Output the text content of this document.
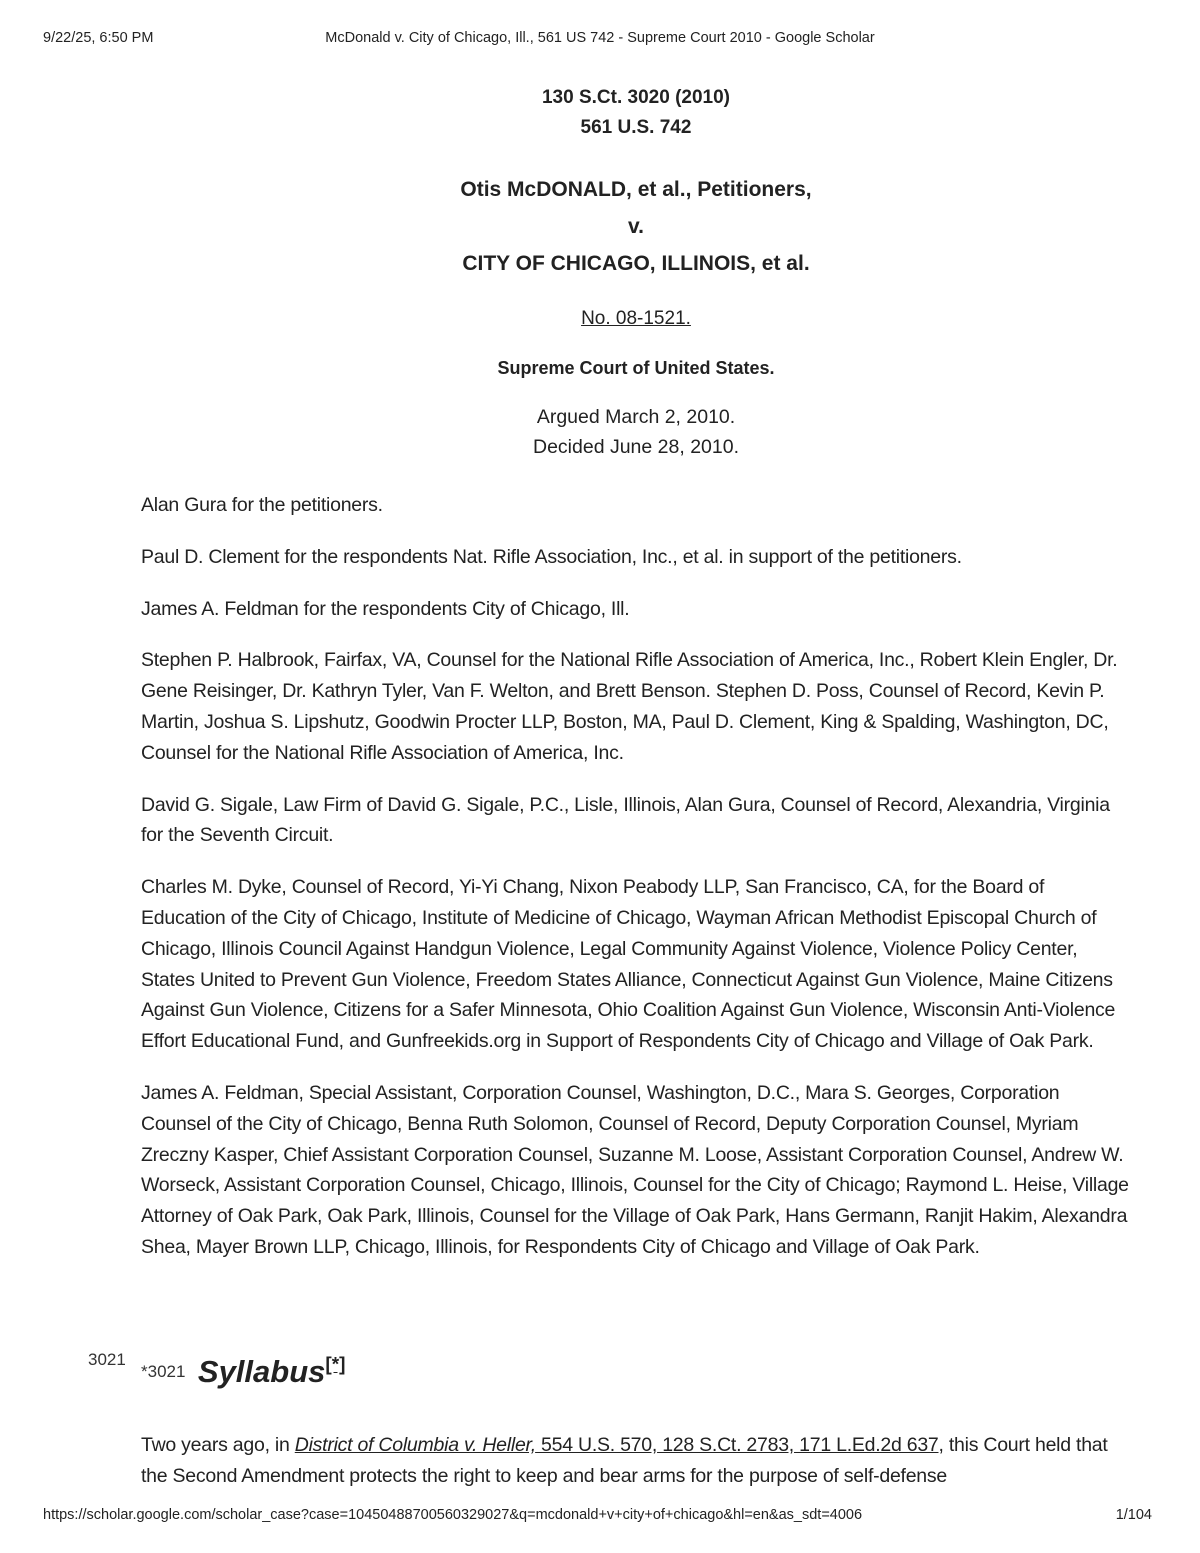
9/22/25, 6:50 PM	McDonald v. City of Chicago, Ill., 561 US 742 - Supreme Court 2010 - Google Scholar
130 S.Ct. 3020 (2010)
561 U.S. 742
Otis McDONALD, et al., Petitioners,
v.
CITY OF CHICAGO, ILLINOIS, et al.
No. 08-1521.
Supreme Court of United States.
Argued March 2, 2010.
Decided June 28, 2010.

Alan Gura for the petitioners.

Paul D. Clement for the respondents Nat. Rifle Association, Inc., et al. in support of the petitioners.

James A. Feldman for the respondents City of Chicago, Ill.

Stephen P. Halbrook, Fairfax, VA, Counsel for the National Rifle Association of America, Inc., Robert Klein Engler, Dr. Gene Reisinger, Dr. Kathryn Tyler, Van F. Welton, and Brett Benson. Stephen D. Poss, Counsel of Record, Kevin P. Martin, Joshua S. Lipshutz, Goodwin Procter LLP, Boston, MA, Paul D. Clement, King & Spalding, Washington, DC, Counsel for the National Rifle Association of America, Inc.

David G. Sigale, Law Firm of David G. Sigale, P.C., Lisle, Illinois, Alan Gura, Counsel of Record, Alexandria, Virginia for the Seventh Circuit.

Charles M. Dyke, Counsel of Record, Yi-Yi Chang, Nixon Peabody LLP, San Francisco, CA, for the Board of Education of the City of Chicago, Institute of Medicine of Chicago, Wayman African Methodist Episcopal Church of Chicago, Illinois Council Against Handgun Violence, Legal Community Against Violence, Violence Policy Center, States United to Prevent Gun Violence, Freedom States Alliance, Connecticut Against Gun Violence, Maine Citizens Against Gun Violence, Citizens for a Safer Minnesota, Ohio Coalition Against Gun Violence, Wisconsin Anti-Violence Effort Educational Fund, and Gunfreekids.org in Support of Respondents City of Chicago and Village of Oak Park.

James A. Feldman, Special Assistant, Corporation Counsel, Washington, D.C., Mara S. Georges, Corporation Counsel of the City of Chicago, Benna Ruth Solomon, Counsel of Record, Deputy Corporation Counsel, Myriam Zreczny Kasper, Chief Assistant Corporation Counsel, Suzanne M. Loose, Assistant Corporation Counsel, Andrew W. Worseck, Assistant Corporation Counsel, Chicago, Illinois, Counsel for the City of Chicago; Raymond L. Heise, Village Attorney of Oak Park, Oak Park, Illinois, Counsel for the Village of Oak Park, Hans Germann, Ranjit Hakim, Alexandra Shea, Mayer Brown LLP, Chicago, Illinois, for Respondents City of Chicago and Village of Oak Park.

3021
*3021 Syllabus[*]
Two years ago, in District of Columbia v. Heller, 554 U.S. 570, 128 S.Ct. 2783, 171 L.Ed.2d 637, this Court held that the Second Amendment protects the right to keep and bear arms for the purpose of self-defense
https://scholar.google.com/scholar_case?case=10450488700560329027&q=mcdonald+v+city+of+chicago&hl=en&as_sdt=4006	1/104
